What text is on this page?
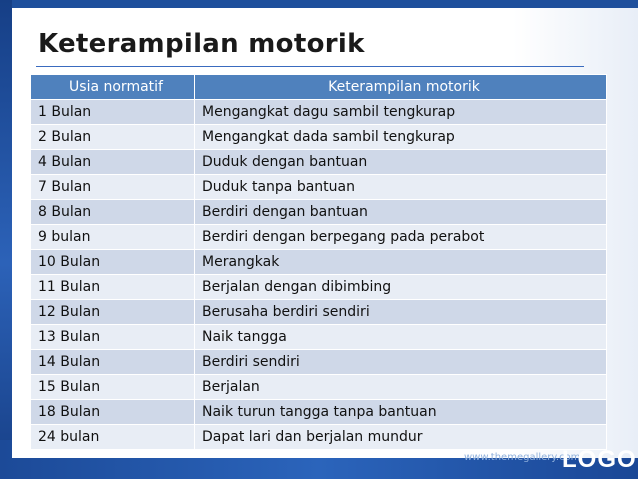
Keterampilan motorik
Usia normatif	Keterampilan motorik
1 Bulan	Mengangkat dagu sambil tengkurap
2 Bulan	Mengangkat dada sambil tengkurap
4 Bulan	Duduk dengan bantuan
7 Bulan	Duduk tanpa bantuan
8 Bulan	Berdiri dengan bantuan
9 bulan	Berdiri dengan berpegang pada perabot
10 Bulan	Merangkak
11 Bulan	Berjalan dengan dibimbing
12 Bulan	Berusaha berdiri sendiri
13 Bulan	Naik tangga
14 Bulan	Berdiri sendiri
15 Bulan	Berjalan
18 Bulan	Naik turun tangga tanpa bantuan
24 bulan	Dapat lari dan berjalan mundur
www.themegallery.com
LOGO
